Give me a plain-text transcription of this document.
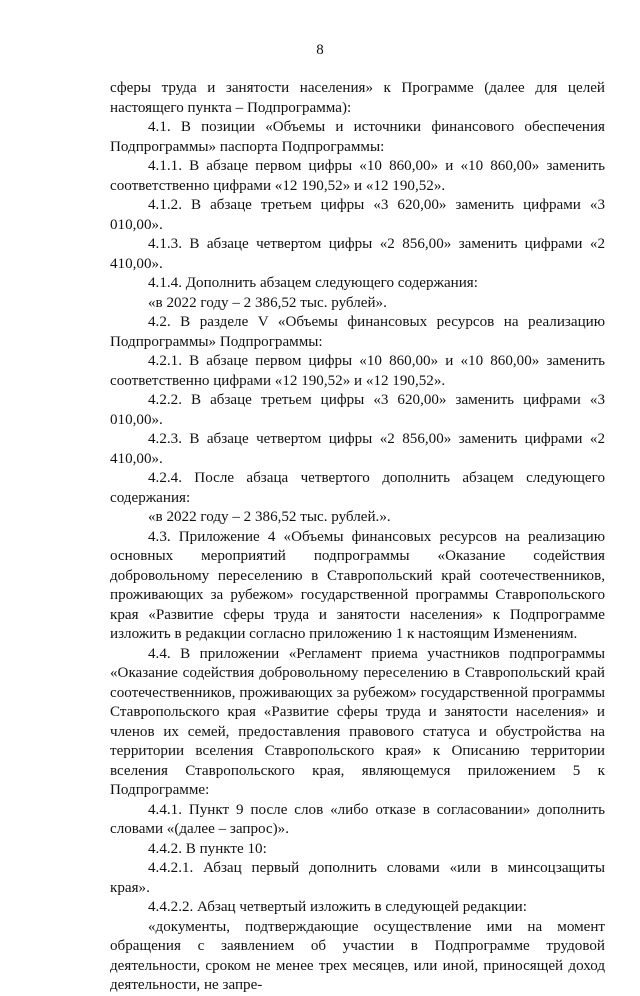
8

сферы труда и занятости населения» к Программе (далее для целей настоящего пункта – Подпрограмма):

4.1. В позиции «Объемы и источники финансового обеспечения Подпрограммы» паспорта Подпрограммы:

4.1.1. В абзаце первом цифры «10 860,00» и «10 860,00» заменить соответственно цифрами «12 190,52» и «12 190,52».

4.1.2. В абзаце третьем цифры «3 620,00» заменить цифрами «3 010,00».

4.1.3. В абзаце четвертом цифры «2 856,00» заменить цифрами «2 410,00».

4.1.4. Дополнить абзацем следующего содержания:

«в 2022 году – 2 386,52 тыс. рублей».

4.2. В разделе V «Объемы финансовых ресурсов на реализацию Подпрограммы» Подпрограммы:

4.2.1. В абзаце первом цифры «10 860,00» и «10 860,00» заменить соответственно цифрами «12 190,52» и «12 190,52».

4.2.2. В абзаце третьем цифры «3 620,00» заменить цифрами «3 010,00».

4.2.3. В абзаце четвертом цифры «2 856,00» заменить цифрами «2 410,00».

4.2.4. После абзаца четвертого дополнить абзацем следующего содержания:

«в 2022 году – 2 386,52 тыс. рублей.».

4.3. Приложение 4 «Объемы финансовых ресурсов на реализацию основных мероприятий подпрограммы «Оказание содействия добровольному переселению в Ставропольский край соотечественников, проживающих за рубежом» государственной программы Ставропольского края «Развитие сферы труда и занятости населения» к Подпрограмме изложить в редакции согласно приложению 1 к настоящим Изменениям.

4.4. В приложении «Регламент приема участников подпрограммы «Оказание содействия добровольному переселению в Ставропольский край соотечественников, проживающих за рубежом» государственной программы Ставропольского края «Развитие сферы труда и занятости населения» и членов их семей, предоставления правового статуса и обустройства на территории вселения Ставропольского края» к Описанию территории вселения Ставропольского края, являющемуся приложением 5 к Подпрограмме:

4.4.1. Пункт 9 после слов «либо отказе в согласовании» дополнить словами «(далее – запрос)».

4.4.2. В пункте 10:

4.4.2.1. Абзац первый дополнить словами «или в минсоцзащиты края».

4.4.2.2. Абзац четвертый изложить в следующей редакции:

«документы, подтверждающие осуществление ими на момент обращения с заявлением об участии в Подпрограмме трудовой деятельности, сроком не менее трех месяцев, или иной, приносящей доход деятельности, не запре-
